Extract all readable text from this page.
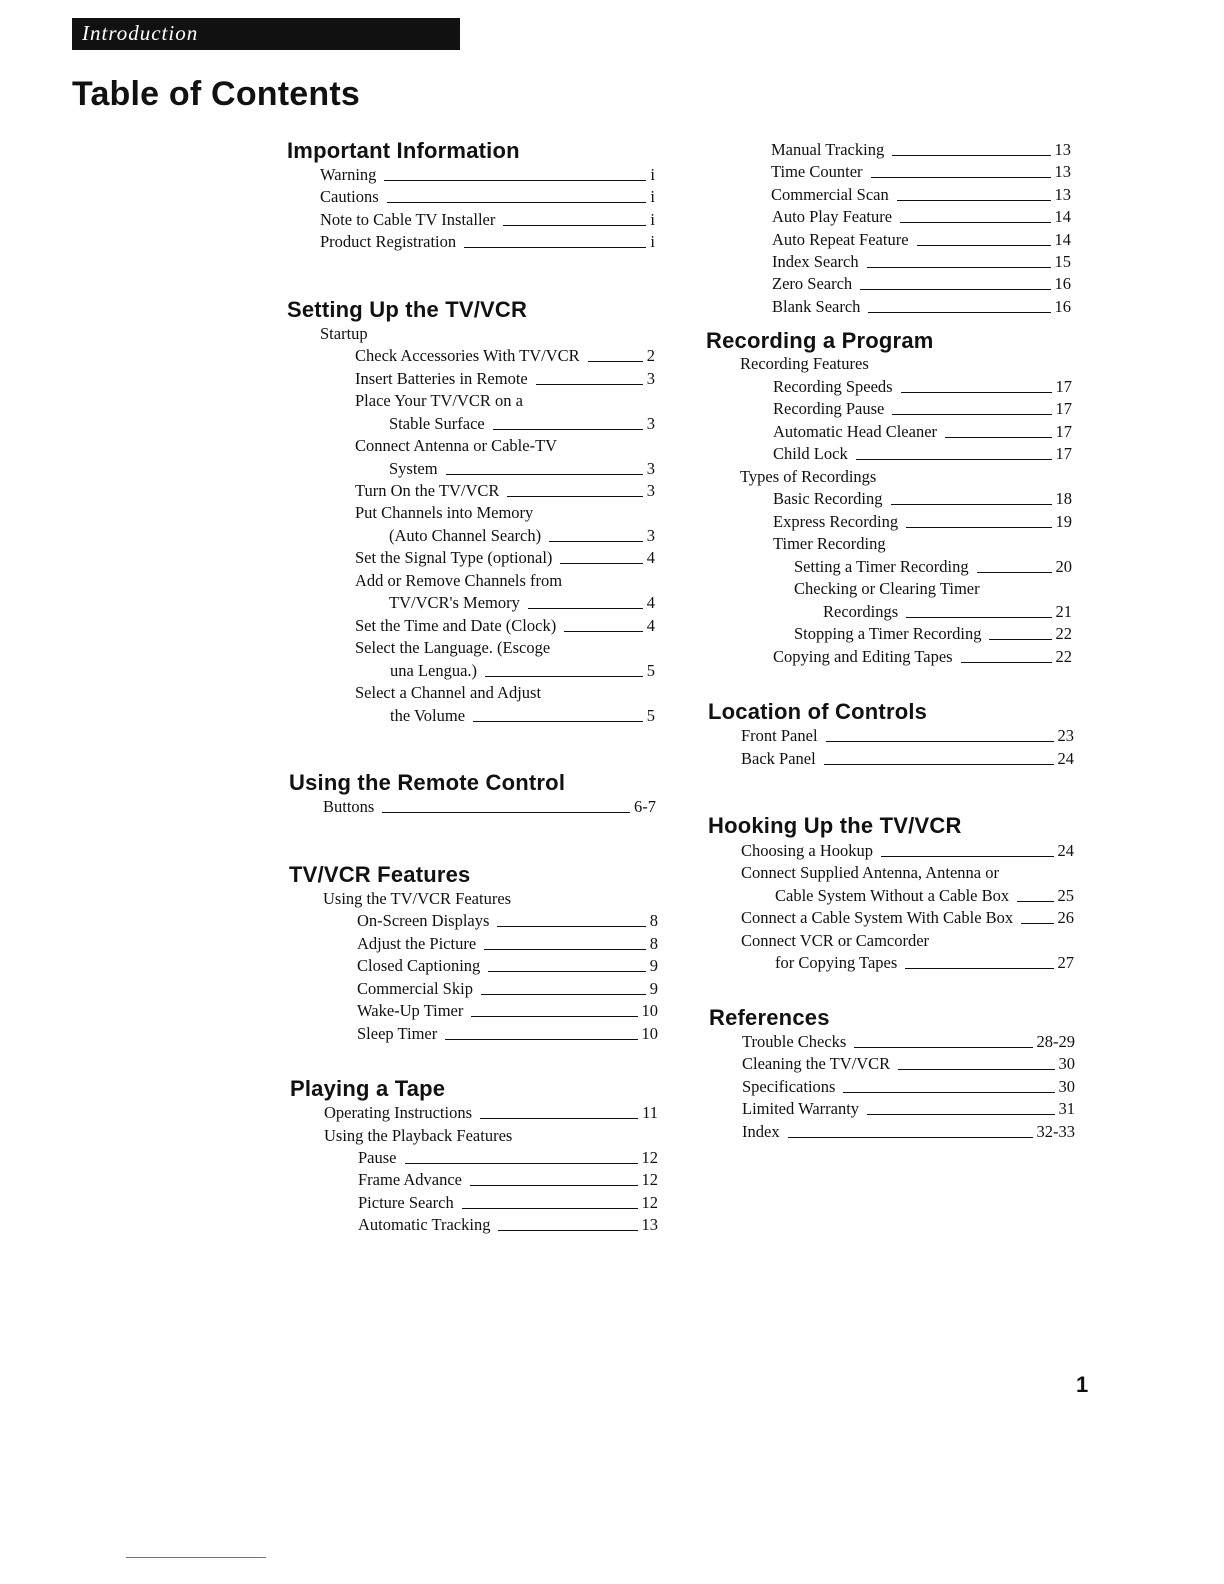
Introduction
Table of Contents
Important Information
Warning	i
Cautions	i
Note to Cable TV Installer	i
Product Registration	i
Setting Up the TV/VCR
Startup
Check Accessories With TV/VCR	2
Insert Batteries in Remote	3
Place Your TV/VCR on a
Stable Surface	3
Connect Antenna or Cable-TV
System	3
Turn On the TV/VCR	3
Put Channels into Memory
(Auto Channel Search)	3
Set the Signal Type (optional)	4
Add or Remove Channels from
TV/VCR's Memory	4
Set the Time and Date (Clock)	4
Select the Language. (Escoge
una Lengua.)	5
Select a Channel and Adjust
the Volume	5
Using the Remote Control
Buttons	6-7
TV/VCR Features
Using the TV/VCR Features
On-Screen Displays	8
Adjust the Picture	8
Closed Captioning	9
Commercial Skip	9
Wake-Up Timer	10
Sleep Timer	10
Playing a Tape
Operating Instructions	11
Using the Playback Features
Pause	12
Frame Advance	12
Picture Search	12
Automatic Tracking	13
Manual Tracking	13
Time Counter	13
Commercial Scan	13
Auto Play Feature	14
Auto Repeat Feature	14
Index Search	15
Zero Search	16
Blank Search	16
Recording a Program
Recording Features
Recording Speeds	17
Recording Pause	17
Automatic Head Cleaner	17
Child Lock	17
Types of Recordings
Basic Recording	18
Express Recording	19
Timer Recording
Setting a Timer Recording	20
Checking or Clearing Timer
Recordings	21
Stopping a Timer Recording	22
Copying and Editing Tapes	22
Location of Controls
Front Panel	23
Back Panel	24
Hooking Up the TV/VCR
Choosing a Hookup	24
Connect Supplied Antenna, Antenna or
Cable System Without a Cable Box	25
Connect a Cable System With Cable Box	26
Connect VCR or Camcorder
for Copying Tapes	27
References
Trouble Checks	28-29
Cleaning the TV/VCR	30
Specifications	30
Limited Warranty	31
Index	32-33
1
